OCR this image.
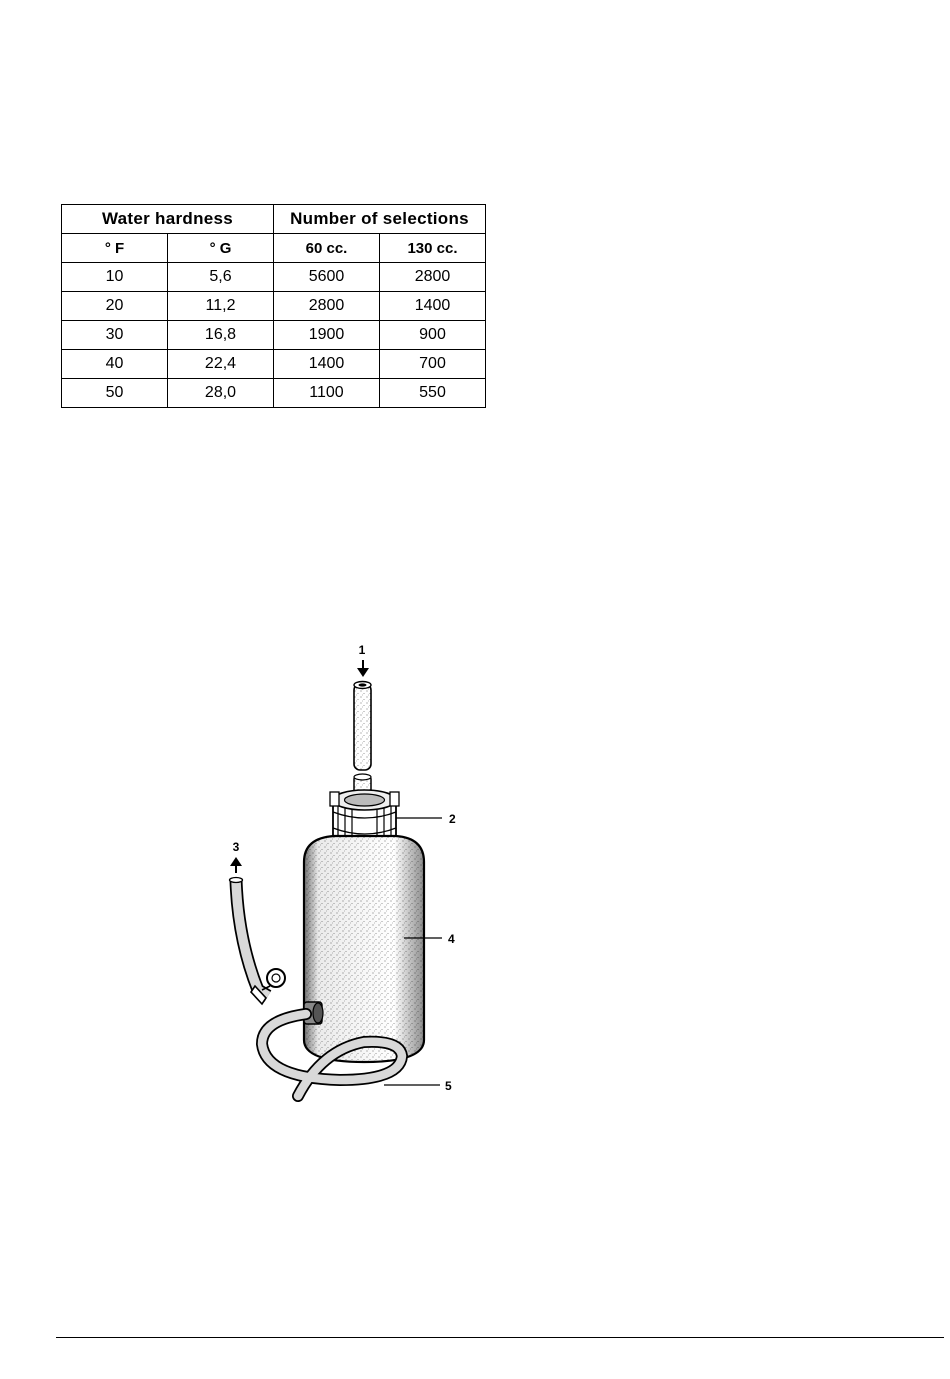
Water hardness		Number of selections	
° F	° G	60 cc.	130 cc.
10	5,6	5600	2800
20	11,2	2800	1400
30	16,8	1900	900
40	22,4	1400	700
50	28,0	1100	550
1
2
3
4
5
